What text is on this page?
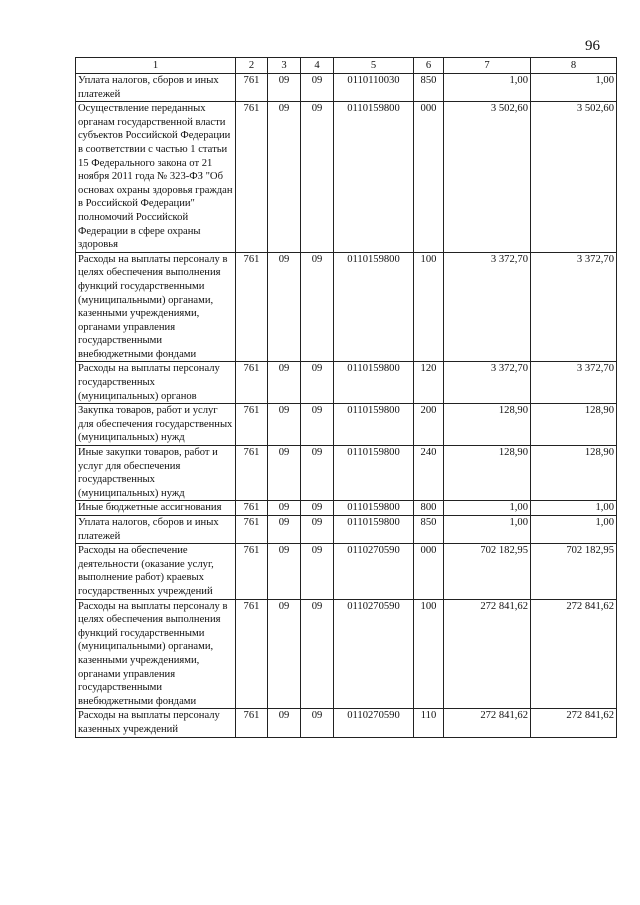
96
1	2	3	4	5	6	7	8
Уплата налогов, сборов и иных платежей	761	09	09	0110110030	850	1,00	1,00
Осуществление переданных органам государственной власти субъектов Российской Федерации в соответствии с частью 1 статьи 15 Федерального закона от 21 ноября 2011 года № 323-ФЗ "Об основах охраны здоровья граждан в Российской Федерации" полномочий Российской Федерации в сфере охраны здоровья	761	09	09	0110159800	000	3 502,60	3 502,60
Расходы на выплаты персоналу в целях обеспечения выполнения функций государственными (муниципальными) органами, казенными учреждениями, органами управления государственными внебюджетными фондами	761	09	09	0110159800	100	3 372,70	3 372,70
Расходы на выплаты персоналу государственных (муниципальных) органов	761	09	09	0110159800	120	3 372,70	3 372,70
Закупка товаров, работ и услуг для обеспечения государственных (муниципальных) нужд	761	09	09	0110159800	200	128,90	128,90
Иные закупки товаров, работ и услуг для обеспечения государственных (муниципальных) нужд	761	09	09	0110159800	240	128,90	128,90
Иные бюджетные ассигнования	761	09	09	0110159800	800	1,00	1,00
Уплата налогов, сборов и иных платежей	761	09	09	0110159800	850	1,00	1,00
Расходы на обеспечение деятельности (оказание услуг, выполнение работ) краевых государственных учреждений	761	09	09	0110270590	000	702 182,95	702 182,95
Расходы на выплаты персоналу в целях обеспечения выполнения функций государственными (муниципальными) органами, казенными учреждениями, органами управления государственными внебюджетными фондами	761	09	09	0110270590	100	272 841,62	272 841,62
Расходы на выплаты персоналу казенных учреждений	761	09	09	0110270590	110	272 841,62	272 841,62
